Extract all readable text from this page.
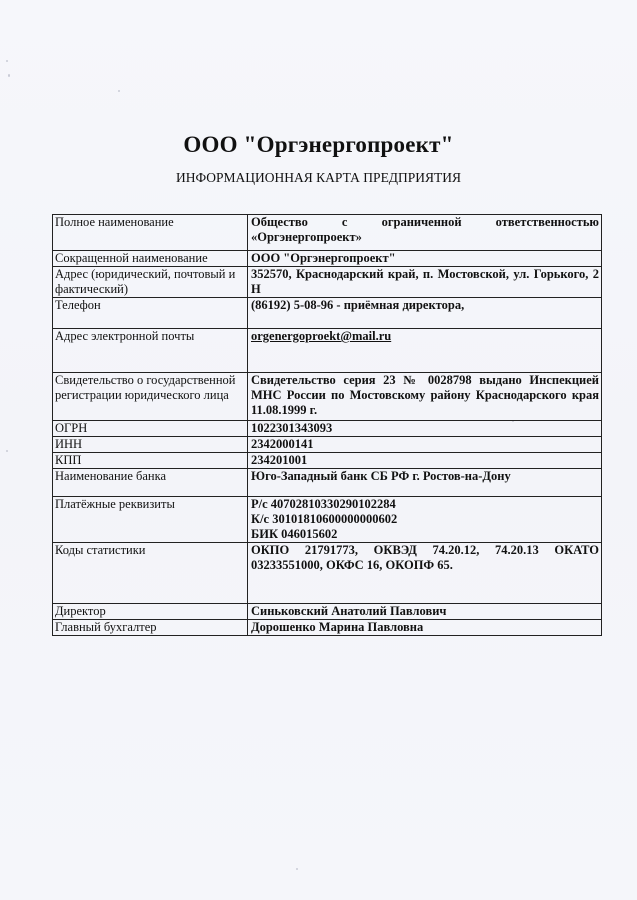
ООО "Оргэнергопроект"
ИНФОРМАЦИОННАЯ КАРТА ПРЕДПРИЯТИЯ
Полное наименование	Общество с ограниченной ответственностью «Оргэнергопроект»
Сокращенной наименование	ООО "Оргэнергопроект"
Адрес (юридический, почтовый и фактический)	352570, Краснодарский край, п. Мостовской, ул. Горького, 2 Н
Телефон	(86192) 5-08-96 - приёмная директора,
Адрес электронной почты	orgenergoproekt@mail.ru
Свидетельство о государственной регистрации юридического лица	Свидетельство серия 23 № 0028798 выдано Инспекцией МНС России по Мостовскому району Краснодарского края 11.08.1999 г.
ОГРН	1022301343093
ИНН	2342000141
КПП	234201001
Наименование банка	Юго-Западный банк СБ РФ г. Ростов-на-Дону
Платёжные реквизиты	Р/с 40702810330290102284
К/с 30101810600000000602
БИК 046015602

Коды статистики	ОКПО 21791773, ОКВЭД 74.20.12, 74.20.13 ОКАТО 03233551000, ОКФС 16, ОКОПФ 65.
Директор	Синьковский Анатолий Павлович
Главный бухгалтер	Дорошенко Марина Павловна
